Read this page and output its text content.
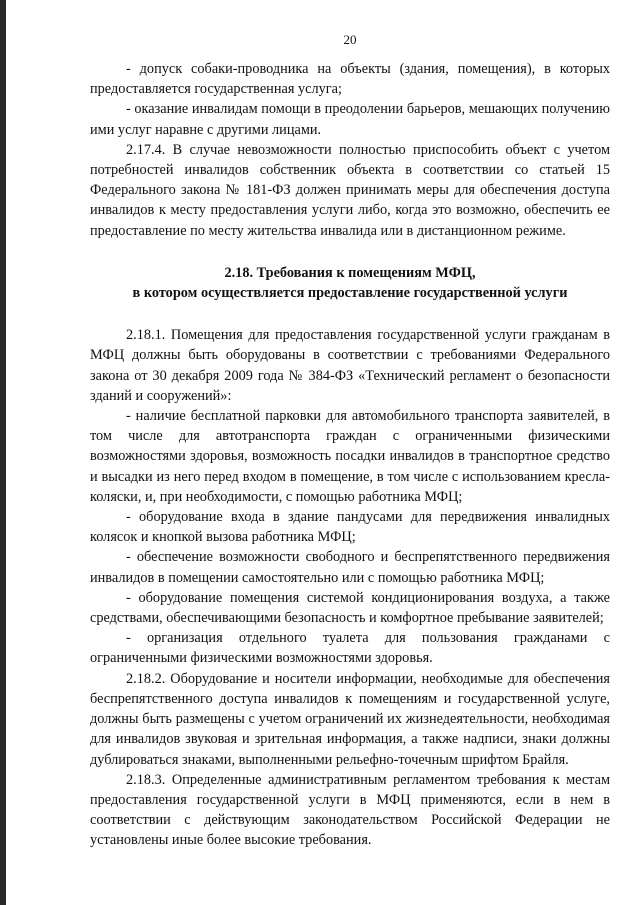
20

- допуск собаки-проводника на объекты (здания, помещения), в которых предоставляется государственная услуга;

- оказание инвалидам помощи в преодолении барьеров, мешающих получению ими услуг наравне с другими лицами.

2.17.4. В случае невозможности полностью приспособить объект с учетом потребностей инвалидов собственник объекта в соответствии со статьей 15 Федерального закона № 181-ФЗ должен принимать меры для обеспечения доступа инвалидов к месту предоставления услуги либо, когда это возможно, обеспечить ее предоставление по месту жительства инвалида или в дистанционном режиме.

2.18. Требования к помещениям МФЦ,
в котором осуществляется предоставление государственной услуги

2.18.1. Помещения для предоставления государственной услуги гражданам в МФЦ должны быть оборудованы в соответствии с требованиями Федерального закона от 30 декабря 2009 года № 384-ФЗ «Технический регламент о безопасности зданий и сооружений»:

- наличие бесплатной парковки для автомобильного транспорта заявителей, в том числе для автотранспорта граждан с ограниченными физическими возможностями здоровья, возможность посадки инвалидов в транспортное средство и высадки из него перед входом в помещение, в том числе с использованием кресла-коляски, и, при необходимости, с помощью работника МФЦ;

- оборудование входа в здание пандусами для передвижения инвалидных колясок и кнопкой вызова работника МФЦ;

- обеспечение возможности свободного и беспрепятственного передвижения инвалидов в помещении самостоятельно или с помощью работника МФЦ;

- оборудование помещения системой кондиционирования воздуха, а также средствами, обеспечивающими безопасность и комфортное пребывание заявителей;

- организация отдельного туалета для пользования гражданами с ограниченными физическими возможностями здоровья.

2.18.2. Оборудование и носители информации, необходимые для обеспечения беспрепятственного доступа инвалидов к помещениям и государственной услуге, должны быть размещены с учетом ограничений их жизнедеятельности, необходимая для инвалидов звуковая и зрительная информация, а также надписи, знаки должны дублироваться знаками, выполненными рельефно-точечным шрифтом Брайля.

2.18.3. Определенные административным регламентом требования к местам предоставления государственной услуги в МФЦ применяются, если в нем в соответствии с действующим законодательством Российской Федерации не установлены иные более высокие требования.
